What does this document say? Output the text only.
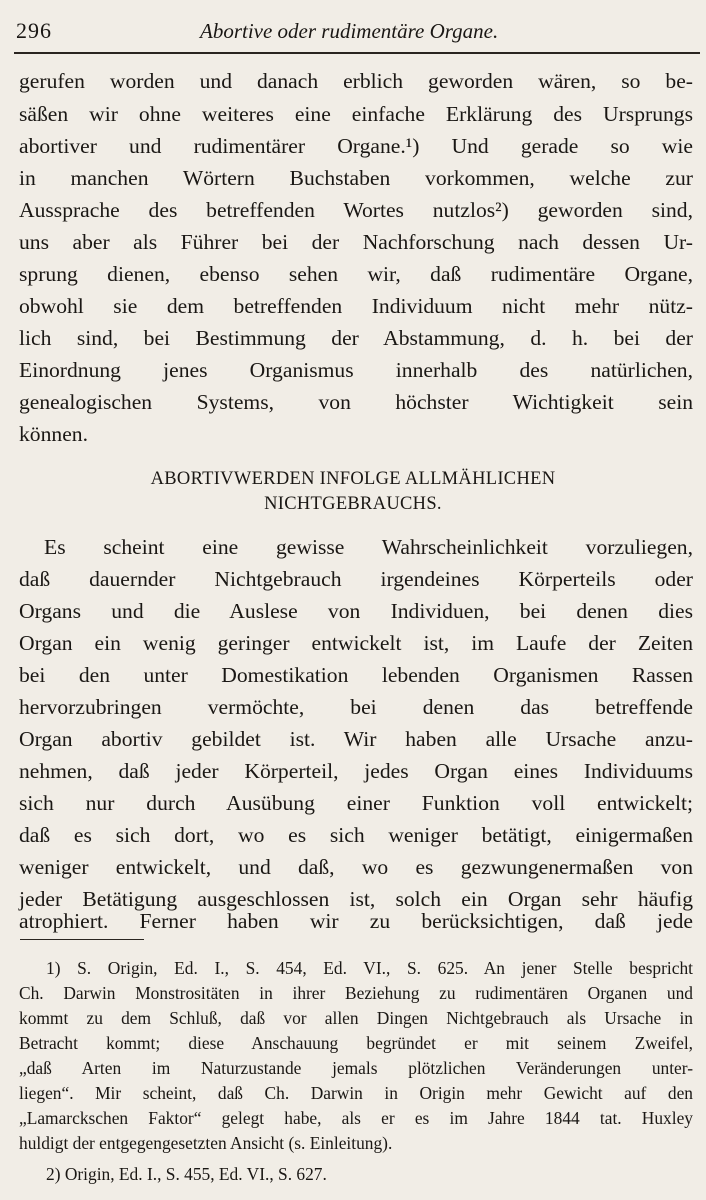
296	Abortive oder rudimentäre Organe.
gerufen worden und danach erblich geworden wären, so be-
säßen wir ohne weiteres eine einfache Erklärung des Ursprungs
abortiver und rudimentärer Organe.¹) Und gerade so wie
in manchen Wörtern Buchstaben vorkommen, welche zur
Aussprache des betreffenden Wortes nutzlos²) geworden sind,
uns aber als Führer bei der Nachforschung nach dessen Ur-
sprung dienen, ebenso sehen wir, daß rudimentäre Organe,
obwohl sie dem betreffenden Individuum nicht mehr nütz-
lich sind, bei Bestimmung der Abstammung, d. h. bei der
Einordnung jenes Organismus innerhalb des natürlichen,
genealogischen Systems, von höchster Wichtigkeit sein
können.
ABORTIVWERDEN INFOLGE ALLMÄHLICHEN
NICHTGEBRAUCHS.
Es scheint eine gewisse Wahrscheinlichkeit vorzuliegen,
daß dauernder Nichtgebrauch irgendeines Körperteils oder
Organs und die Auslese von Individuen, bei denen dies
Organ ein wenig geringer entwickelt ist, im Laufe der Zeiten
bei den unter Domestikation lebenden Organismen Rassen
hervorzubringen vermöchte, bei denen das betreffende
Organ abortiv gebildet ist. Wir haben alle Ursache anzu-
nehmen, daß jeder Körperteil, jedes Organ eines Individuums
sich nur durch Ausübung einer Funktion voll entwickelt;
daß es sich dort, wo es sich weniger betätigt, einigermaßen
weniger entwickelt, und daß, wo es gezwungenermaßen von
jeder Betätigung ausgeschlossen ist, solch ein Organ sehr häufig
atrophiert. Ferner haben wir zu berücksichtigen, daß jede
1) S. Origin, Ed. I., S. 454, Ed. VI., S. 625. An jener Stelle bespricht
Ch. Darwin Monstrositäten in ihrer Beziehung zu rudimentären Organen und
kommt zu dem Schluß, daß vor allen Dingen Nichtgebrauch als Ursache in
Betracht kommt; diese Anschauung begründet er mit seinem Zweifel,
„daß Arten im Naturzustande jemals plötzlichen Veränderungen unter-
liegen“. Mir scheint, daß Ch. Darwin in Origin mehr Gewicht auf den
„Lamarckschen Faktor“ gelegt habe, als er es im Jahre 1844 tat. Huxley
huldigt der entgegengesetzten Ansicht (s. Einleitung).
2) Origin, Ed. I., S. 455, Ed. VI., S. 627.
